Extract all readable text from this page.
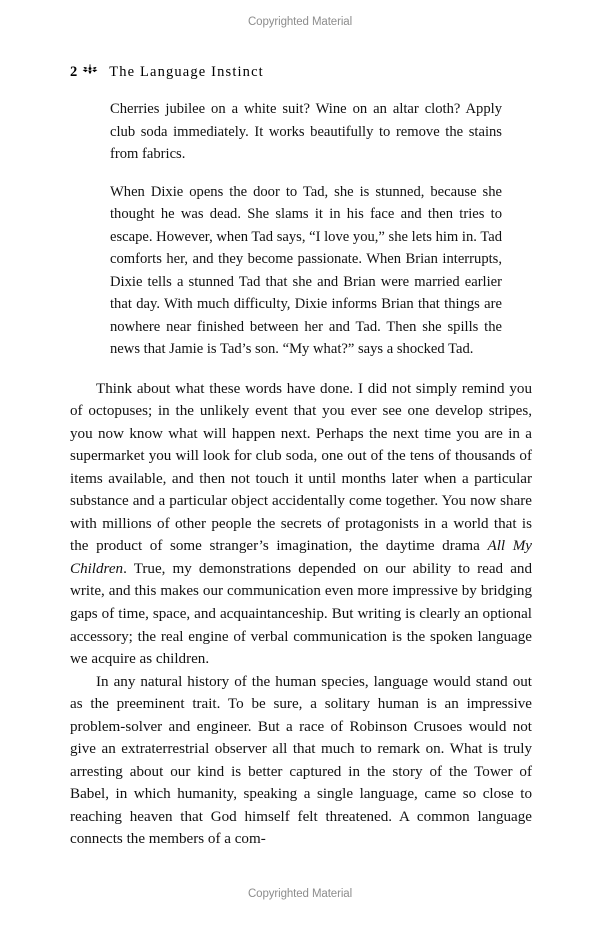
Copyrighted Material
2 The Language Instinct

Cherries jubilee on a white suit? Wine on an altar cloth? Apply club soda immediately. It works beautifully to remove the stains from fabrics.

When Dixie opens the door to Tad, she is stunned, because she thought he was dead. She slams it in his face and then tries to escape. However, when Tad says, “I love you,” she lets him in. Tad comforts her, and they become passionate. When Brian interrupts, Dixie tells a stunned Tad that she and Brian were married earlier that day. With much difficulty, Dixie informs Brian that things are nowhere near finished between her and Tad. Then she spills the news that Jamie is Tad’s son. “My what?” says a shocked Tad.

Think about what these words have done. I did not simply remind you of octopuses; in the unlikely event that you ever see one develop stripes, you now know what will happen next. Perhaps the next time you are in a supermarket you will look for club soda, one out of the tens of thousands of items available, and then not touch it until months later when a particular substance and a particular object accidentally come together. You now share with millions of other people the secrets of protagonists in a world that is the product of some stranger’s imagination, the daytime drama All My Children. True, my demonstrations depended on our ability to read and write, and this makes our communication even more impressive by bridging gaps of time, space, and acquaintanceship. But writing is clearly an optional accessory; the real engine of verbal communication is the spoken language we acquire as children.

In any natural history of the human species, language would stand out as the preeminent trait. To be sure, a solitary human is an impressive problem-solver and engineer. But a race of Robinson Crusoes would not give an extraterrestrial observer all that much to remark on. What is truly arresting about our kind is better captured in the story of the Tower of Babel, in which humanity, speaking a single language, came so close to reaching heaven that God himself felt threatened. A common language connects the members of a com-

Copyrighted Material
